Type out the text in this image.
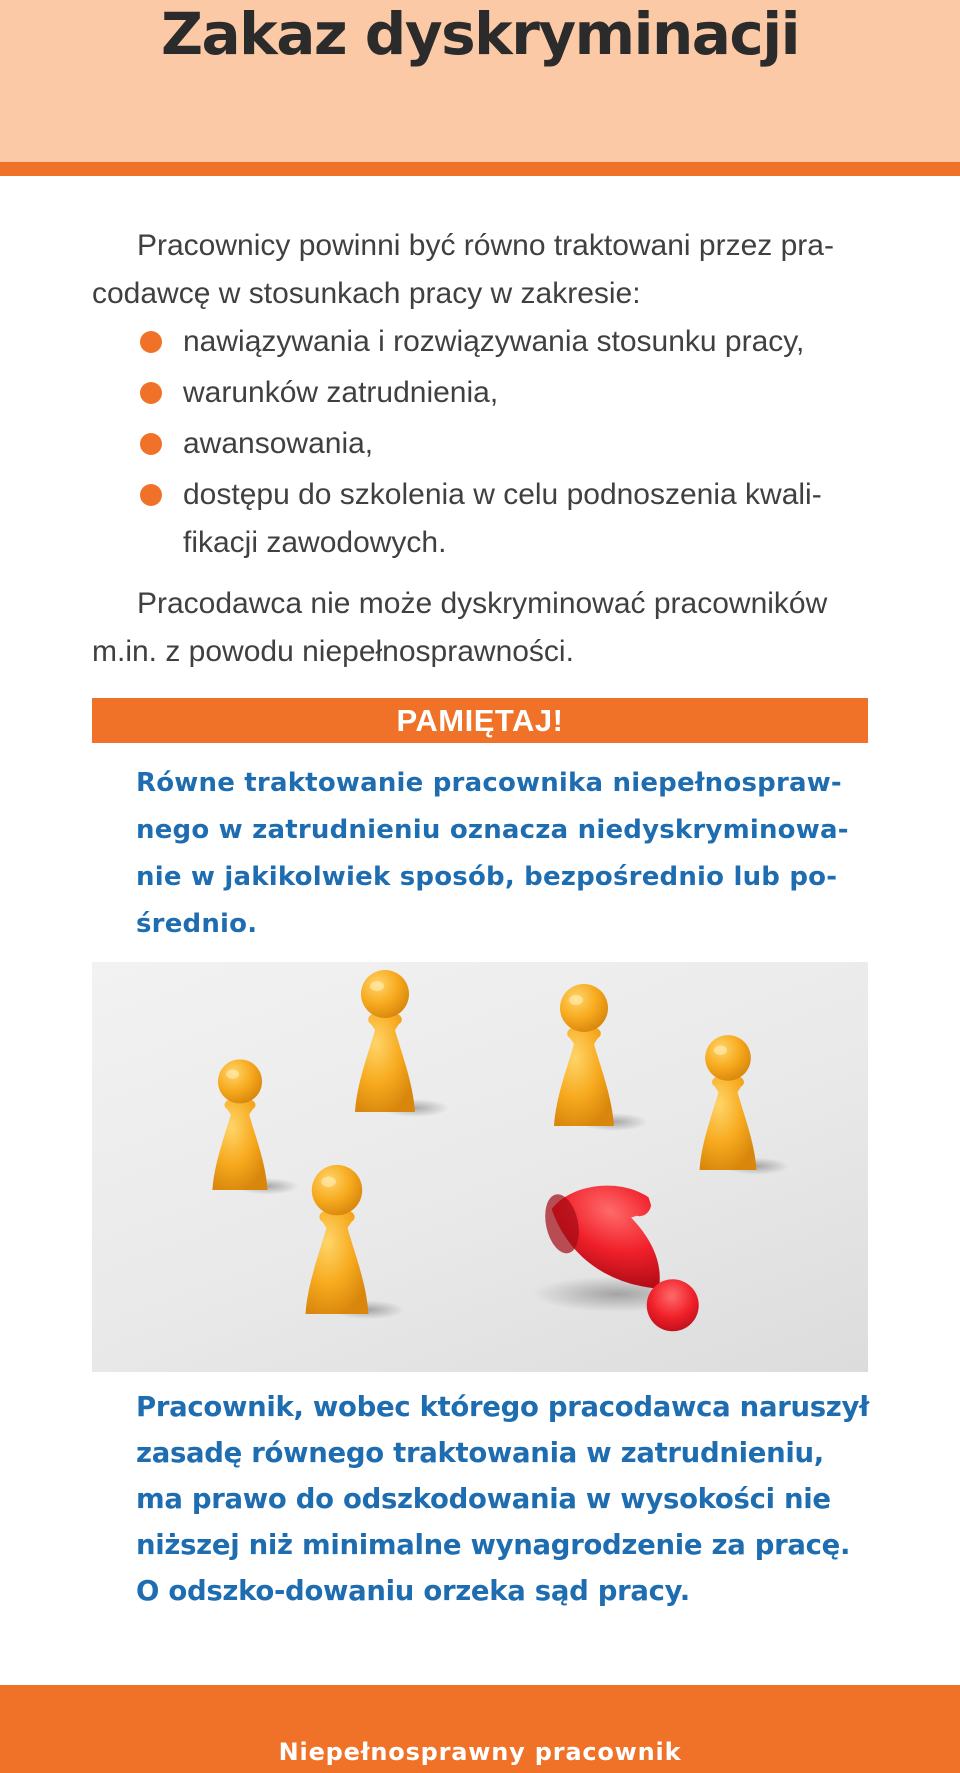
Zakaz dyskryminacji

Pracownicy powinni być równo traktowani przez pra-codawcę w stosunkach pracy w zakresie:

nawiązywania i rozwiązywania stosunku pracy,
warunków zatrudnienia,
awansowania,
dostępu do szkolenia w celu podnoszenia kwali-fikacji zawodowych.

Pracodawca nie może dyskryminować pracowników m.in. z powodu niepełnosprawności.

PAMIĘTAJ!

Równe traktowanie pracownika niepełnospraw-nego w zatrudnieniu oznacza niedyskryminowa-nie w jakikolwiek sposób, bezpośrednio lub po-średnio.

Pracownik, wobec którego pracodawca naruszył zasadę równego traktowania w zatrudnieniu, ma prawo do odszkodowania w wysokości nie niższej niż minimalne wynagrodzenie za pracę. O odszko-dowaniu orzeka sąd pracy.

Niepełnosprawny pracownik
